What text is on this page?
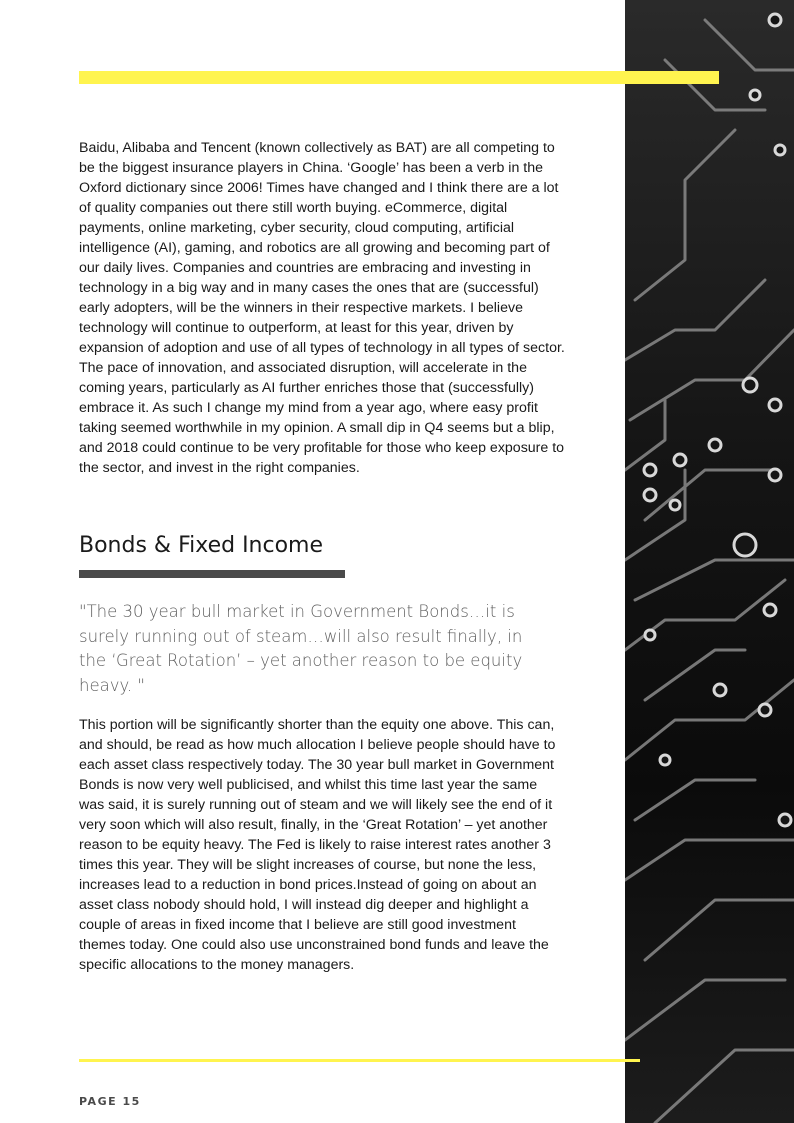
Baidu, Alibaba and Tencent (known collectively as BAT) are all competing to be the biggest insurance players in China. ‘Google’ has been a verb in the Oxford dictionary since 2006! Times have changed and I think there are a lot of quality companies out there still worth buying. eCommerce, digital payments, online marketing, cyber security, cloud computing, artificial intelligence (AI), gaming, and robotics are all growing and becoming part of our daily lives. Companies and countries are embracing and investing in technology in a big way and in many cases the ones that are (successful) early adopters, will be the winners in their respective markets. I believe technology will continue to outperform, at least for this year, driven by expansion of adoption and use of all types of technology in all types of sector. The pace of innovation, and associated disruption, will accelerate in the coming years, particularly as AI further enriches those that (successfully) embrace it. As such I change my mind from a year ago, where easy profit taking seemed worthwhile in my opinion. A small dip in Q4 seems but a blip, and 2018 could continue to be very profitable for those who keep exposure to the sector, and invest in the right companies.

Bonds & Fixed Income

"The 30 year bull market in Government Bonds…it is surely running out of steam…will also result finally, in the ‘Great Rotation’ – yet another reason to be equity heavy. "

This portion will be significantly shorter than the equity one above. This can, and should, be read as how much allocation I believe people should have to each asset class respectively today. The 30 year bull market in Government Bonds is now very well publicised, and whilst this time last year the same was said, it is surely running out of steam and we will likely see the end of it very soon which will also result, finally, in the ‘Great Rotation’ – yet another reason to be equity heavy. The Fed is likely to raise interest rates another 3 times this year. They will be slight increases of course, but none the less, increases lead to a reduction in bond prices.Instead of going on about an asset class nobody should hold, I will instead dig deeper and highlight a couple of areas in fixed income that I believe are still good investment themes today. One could also use unconstrained bond funds and leave the specific allocations to the money managers.

PAGE 15
